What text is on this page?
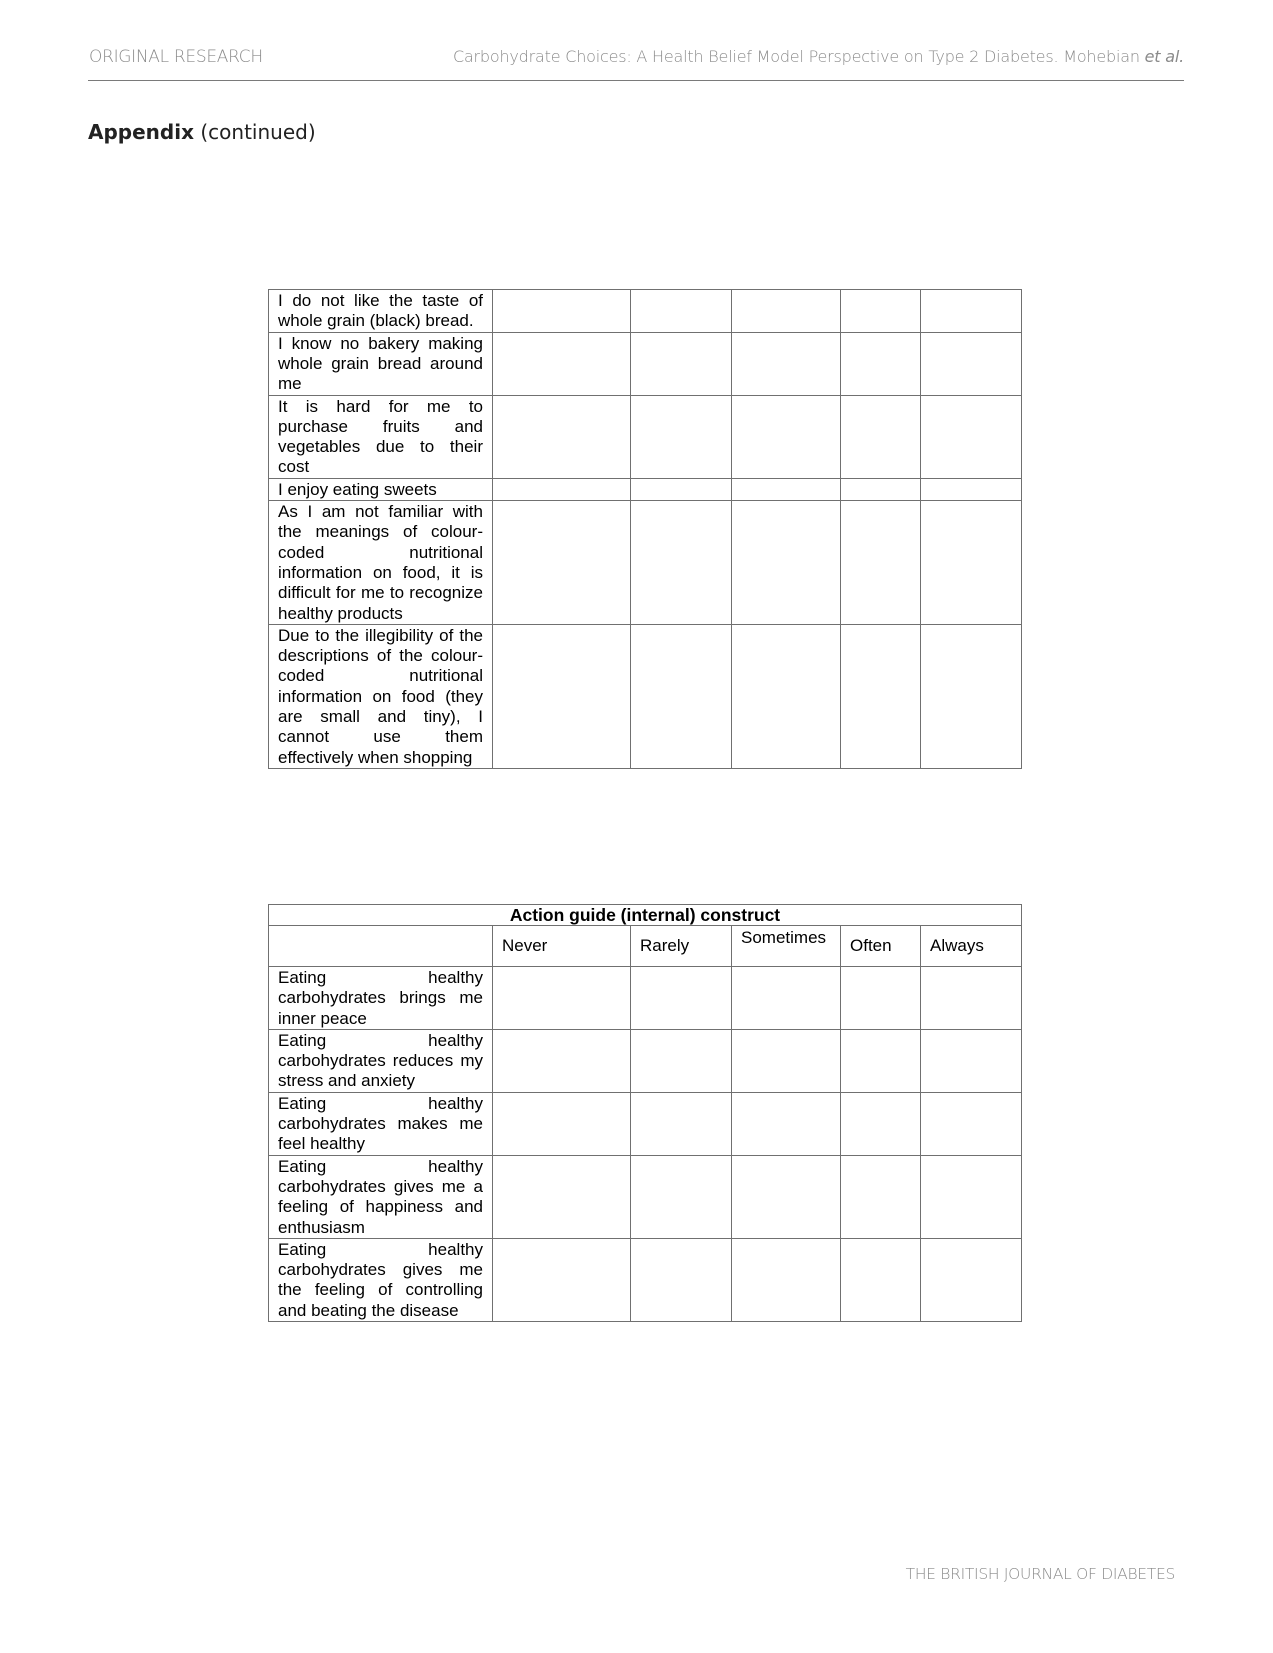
ORIGINAL RESEARCH	Carbohydrate Choices: A Health Belief Model Perspective on Type 2 Diabetes. Mohebian et al.
Appendix (continued)
I do not like the taste of whole grain (black) bread.					
I know no bakery making whole grain bread around me					
It is hard for me to purchase fruits and vegetables due to their cost					
I enjoy eating sweets					
As I am not familiar with the meanings of colour-coded nutritional information on food, it is difficult for me to recognize healthy products					
Due to the illegibility of the descriptions of the colour-coded nutritional information on food (they are small and tiny), I cannot use them effectively when shopping					
Action guide (internal) construct					
	Never	Rarely	Sometimes	Often	Always
Eating healthy carbohydrates brings me inner peace					
Eating healthy carbohydrates reduces my stress and anxiety					
Eating healthy carbohydrates makes me feel healthy					
Eating healthy carbohydrates gives me a feeling of happiness and enthusiasm					
Eating healthy carbohydrates gives me the feeling of controlling and beating the disease					
THE BRITISH JOURNAL OF DIABETES
